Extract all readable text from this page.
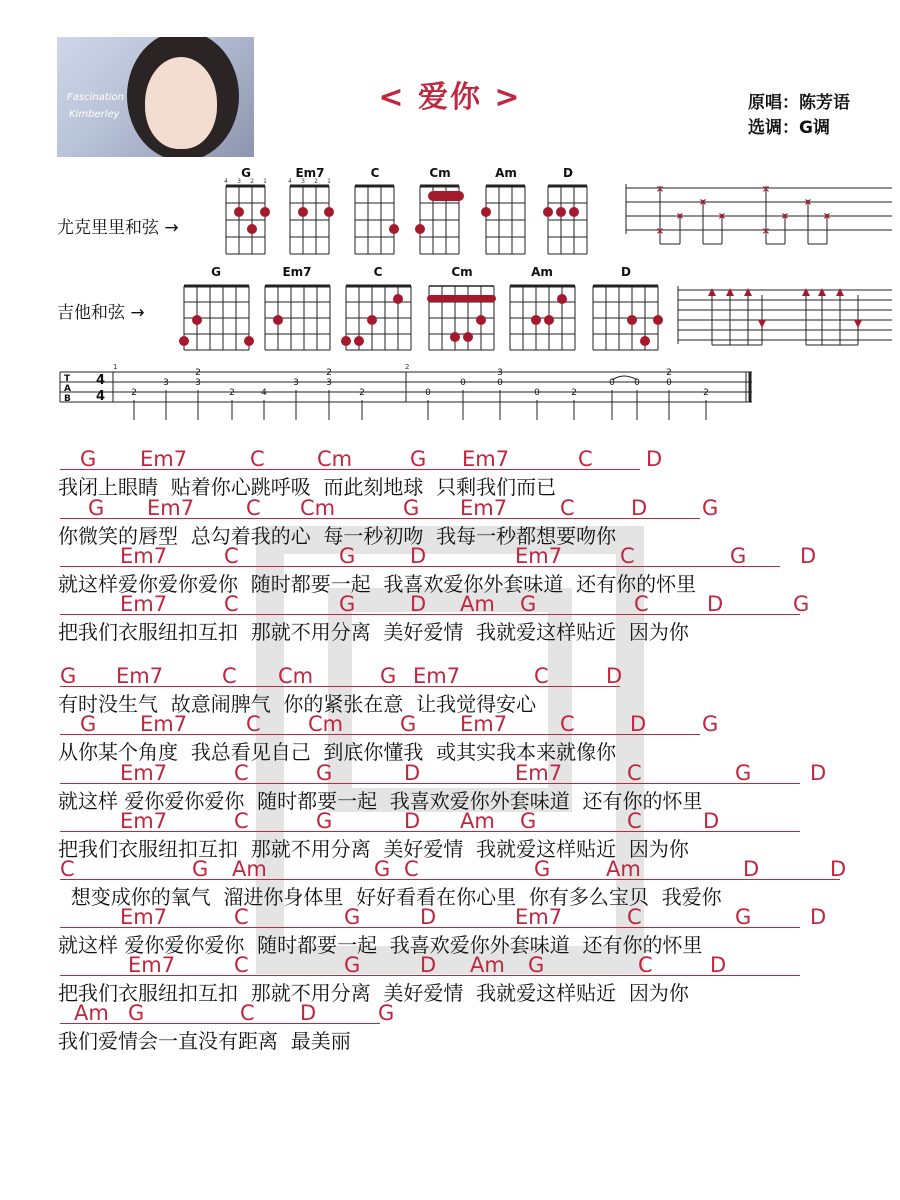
Fascination
Kimberley	< 爱你 >	原唱：陈芳语
选调：G调
尤克里里和弦 →
吉他和弦 →
G	Em7	C	Cm	Am	D
G	Em7	C	Cm	Am	D
4 3 2 1	4 3 2 1
×
×
×
×
×
×
×
×
×
×
T
A
B
4
4
1	2
2
3
2
3
2	4
3
2
3
2	0
0
3
0
0	2
0 0
2
0
2
G Em7	C Cm	G Em7	C	D
我闭上眼睛  贴着你心跳呼吸  而此刻地球  只剩我们而已
G Em7 C Cm	G Em7	C	D	G
你微笑的唇型  总勾着我的心  每一秒初吻  我每一秒都想要吻你
Em7	C	G	D	Em7	C	G	D
就这样爱你爱你爱你  随时都要一起  我喜欢爱你外套味道  还有你的怀里
Em7	C	G	D Am G	C	D	G
把我们衣服纽扣互扣  那就不用分离  美好爱情  我就爱这样贴近  因为你
G Em7	C Cm	G Em7	C	D
有时没生气  故意闹脾气  你的紧张在意  让我觉得安心
G Em7	C Cm	G Em7	C	D	G
从你某个角度  我总看见自己  到底你懂我  或其实我本来就像你
Em7	C	G	D	Em7	C	G	D
就这样 爱你爱你爱你  随时都要一起  我喜欢爱你外套味道  还有你的怀里
Em7	C	G	D Am G	C	D
把我们衣服纽扣互扣  那就不用分离  美好爱情  我就爱这样贴近  因为你
C	G Am	G C	G	Am	D	D
想变成你的氧气  溜进你身体里  好好看看在你心里  你有多么宝贝  我爱你
Em7	C	G	D	Em7	C	G	D
就这样 爱你爱你爱你  随时都要一起  我喜欢爱你外套味道  还有你的怀里
Em7	C	G	D Am G	C	D
把我们衣服纽扣互扣  那就不用分离  美好爱情  我就爱这样贴近  因为你
Am G	C D	G
我们爱情会一直没有距离  最美丽
